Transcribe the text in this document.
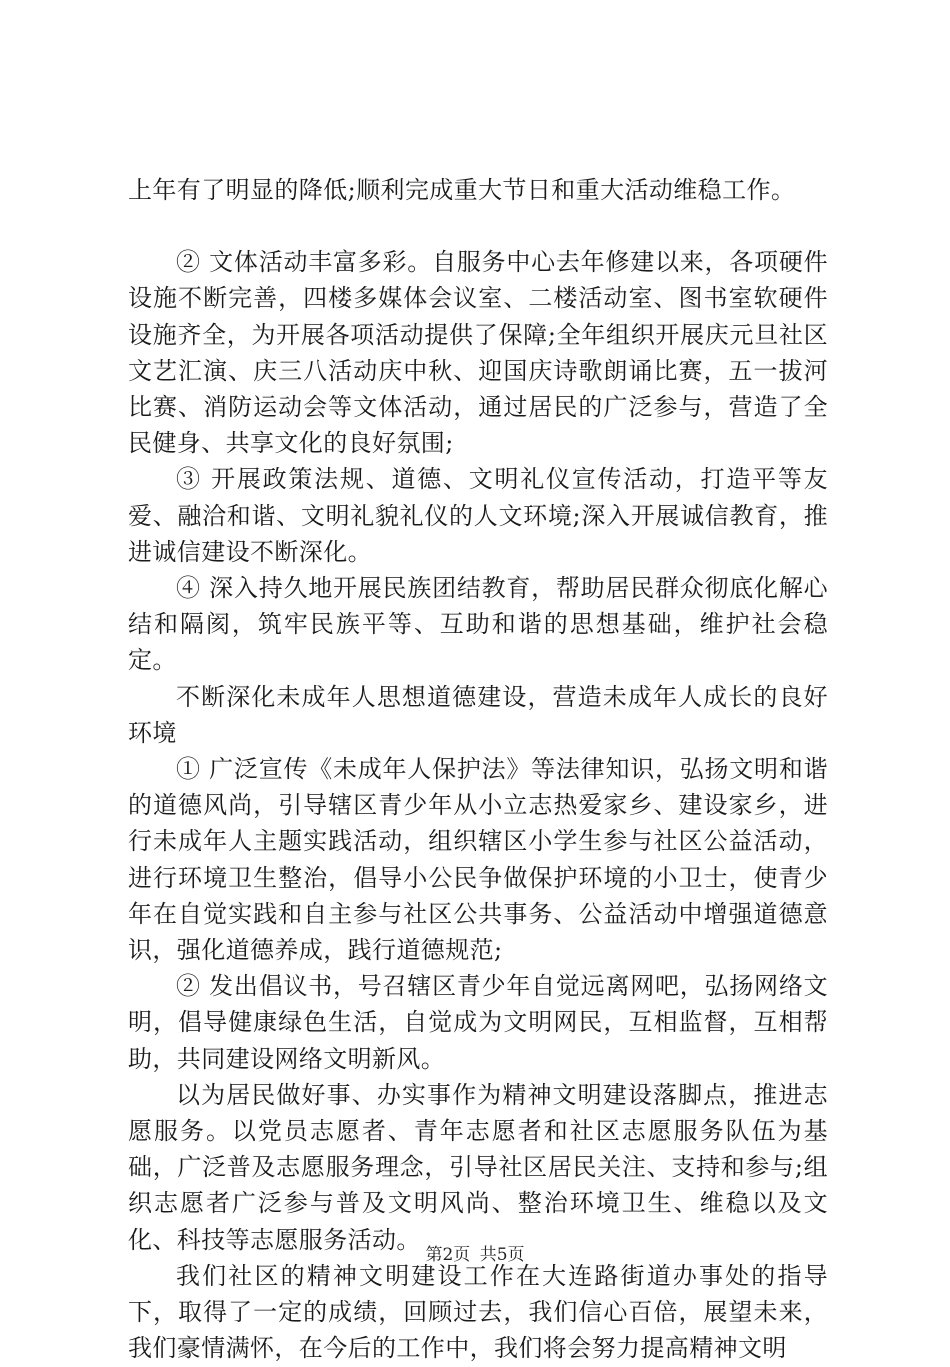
上年有了明显的降低;顺利完成重大节日和重大活动维稳工作。

② 文体活动丰富多彩。自服务中心去年修建以来，各项硬件设施不断完善，四楼多媒体会议室、二楼活动室、图书室软硬件设施齐全，为开展各项活动提供了保障;全年组织开展庆元旦社区文艺汇演、庆三八活动庆中秋、迎国庆诗歌朗诵比赛，五一拔河比赛、消防运动会等文体活动，通过居民的广泛参与，营造了全民健身、共享文化的良好氛围;

③ 开展政策法规、道德、文明礼仪宣传活动，打造平等友爱、融洽和谐、文明礼貌礼仪的人文环境;深入开展诚信教育，推进诚信建设不断深化。

④ 深入持久地开展民族团结教育，帮助居民群众彻底化解心结和隔阂，筑牢民族平等、互助和谐的思想基础，维护社会稳定。

不断深化未成年人思想道德建设，营造未成年人成长的良好环境

① 广泛宣传《未成年人保护法》等法律知识，弘扬文明和谐的道德风尚，引导辖区青少年从小立志热爱家乡、建设家乡，进行未成年人主题实践活动，组织辖区小学生参与社区公益活动，进行环境卫生整治，倡导小公民争做保护环境的小卫士，使青少年在自觉实践和自主参与社区公共事务、公益活动中增强道德意识，强化道德养成，践行道德规范;

② 发出倡议书，号召辖区青少年自觉远离网吧，弘扬网络文明，倡导健康绿色生活，自觉成为文明网民，互相监督，互相帮助，共同建设网络文明新风。

以为居民做好事、办实事作为精神文明建设落脚点，推进志愿服务。以党员志愿者、青年志愿者和社区志愿服务队伍为基础，广泛普及志愿服务理念，引导社区居民关注、支持和参与;组织志愿者广泛参与普及文明风尚、整治环境卫生、维稳以及文化、科技等志愿服务活动。

我们社区的精神文明建设工作在大连路街道办事处的指导下，取得了一定的成绩，回顾过去，我们信心百倍，展望未来，我们豪情满怀，在今后的工作中，我们将会努力提高精神文明

第2页 共5页
